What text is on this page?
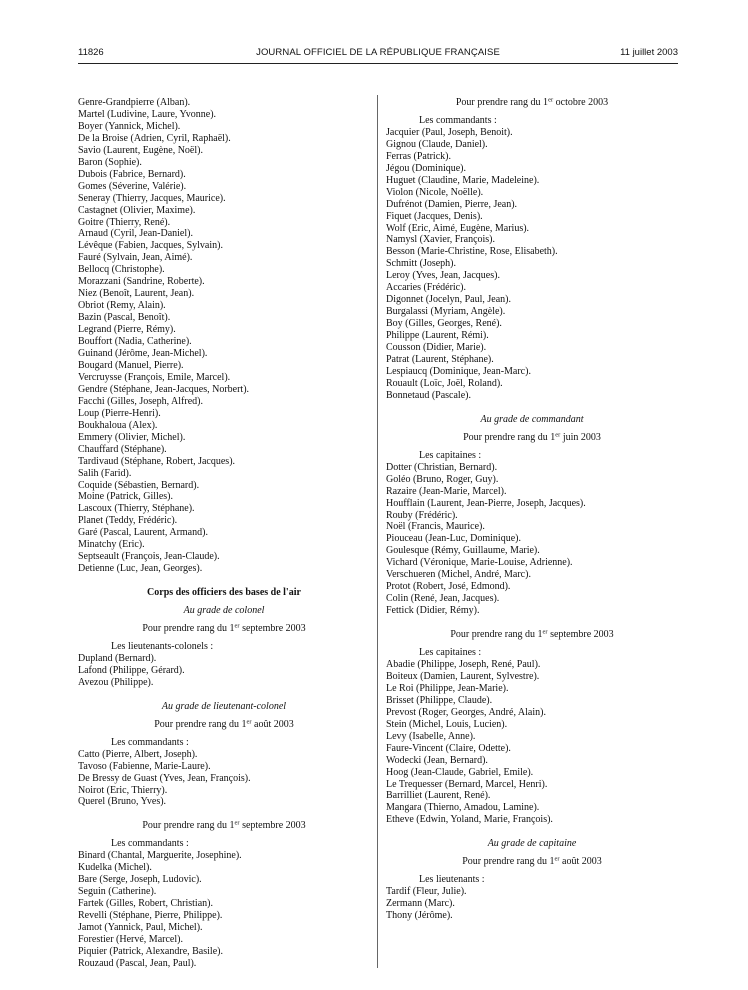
11826	JOURNAL OFFICIEL DE LA RÉPUBLIQUE FRANÇAISE	11 juillet 2003
Genre-Grandpierre (Alban).
Martel (Ludivine, Laure, Yvonne).
Boyer (Yannick, Michel).
De la Broise (Adrien, Cyril, Raphaël).
Savio (Laurent, Eugène, Noël).
Baron (Sophie).
Dubois (Fabrice, Bernard).
Gomes (Séverine, Valérie).
Seneray (Thierry, Jacques, Maurice).
Castagnet (Olivier, Maxime).
Goitre (Thierry, René).
Arnaud (Cyril, Jean-Daniel).
Lévêque (Fabien, Jacques, Sylvain).
Fauré (Sylvain, Jean, Aimé).
Bellocq (Christophe).
Morazzani (Sandrine, Roberte).
Niez (Benoît, Laurent, Jean).
Obriot (Remy, Alain).
Bazin (Pascal, Benoît).
Legrand (Pierre, Rémy).
Bouffort (Nadia, Catherine).
Guinand (Jérôme, Jean-Michel).
Bougard (Manuel, Pierre).
Vercruysse (François, Emile, Marcel).
Gendre (Stéphane, Jean-Jacques, Norbert).
Facchi (Gilles, Joseph, Alfred).
Loup (Pierre-Henri).
Boukhaloua (Alex).
Emmery (Olivier, Michel).
Chauffard (Stéphane).
Tardivaud (Stéphane, Robert, Jacques).
Salih (Farid).
Coquide (Sébastien, Bernard).
Moine (Patrick, Gilles).
Lascoux (Thierry, Stéphane).
Planet (Teddy, Frédéric).
Garé (Pascal, Laurent, Armand).
Minatchy (Eric).
Septseault (François, Jean-Claude).
Detienne (Luc, Jean, Georges).
Corps des officiers des bases de l'air
Au grade de colonel
Pour prendre rang du 1er septembre 2003
Les lieutenants-colonels :
Dupland (Bernard).
Lafond (Philippe, Gérard).
Avezou (Philippe).
Au grade de lieutenant-colonel
Pour prendre rang du 1er août 2003
Les commandants :
Catto (Pierre, Albert, Joseph).
Tavoso (Fabienne, Marie-Laure).
De Bressy de Guast (Yves, Jean, François).
Noirot (Eric, Thierry).
Querel (Bruno, Yves).
Pour prendre rang du 1er septembre 2003
Les commandants :
Binard (Chantal, Marguerite, Josephine).
Kudelka (Michel).
Bare (Serge, Joseph, Ludovic).
Seguin (Catherine).
Fartek (Gilles, Robert, Christian).
Revelli (Stéphane, Pierre, Philippe).
Jamot (Yannick, Paul, Michel).
Forestier (Hervé, Marcel).
Piquier (Patrick, Alexandre, Basile).
Rouzaud (Pascal, Jean, Paul).
Pour prendre rang du 1er octobre 2003
Les commandants :
Jacquier (Paul, Joseph, Benoit).
Gignou (Claude, Daniel).
Ferras (Patrick).
Jégou (Dominique).
Huguet (Claudine, Marie, Madeleine).
Violon (Nicole, Noëlle).
Dufrénot (Damien, Pierre, Jean).
Fiquet (Jacques, Denis).
Wolf (Eric, Aimé, Eugène, Marius).
Namysl (Xavier, François).
Besson (Marie-Christine, Rose, Elisabeth).
Schmitt (Joseph).
Leroy (Yves, Jean, Jacques).
Accaries (Frédéric).
Digonnet (Jocelyn, Paul, Jean).
Burgalassi (Myriam, Angèle).
Boy (Gilles, Georges, René).
Philippe (Laurent, Rémi).
Cousson (Didier, Marie).
Patrat (Laurent, Stéphane).
Lespiaucq (Dominique, Jean-Marc).
Rouault (Loïc, Joël, Roland).
Bonnetaud (Pascale).
Au grade de commandant
Pour prendre rang du 1er juin 2003
Les capitaines :
Dotter (Christian, Bernard).
Goléo (Bruno, Roger, Guy).
Razaire (Jean-Marie, Marcel).
Houfflain (Laurent, Jean-Pierre, Joseph, Jacques).
Rouby (Frédéric).
Noël (Francis, Maurice).
Piouceau (Jean-Luc, Dominique).
Goulesque (Rémy, Guillaume, Marie).
Vichard (Véronique, Marie-Louise, Adrienne).
Verschueren (Michel, André, Marc).
Protot (Robert, José, Edmond).
Colin (René, Jean, Jacques).
Fettick (Didier, Rémy).
Pour prendre rang du 1er septembre 2003
Les capitaines :
Abadie (Philippe, Joseph, René, Paul).
Boiteux (Damien, Laurent, Sylvestre).
Le Roi (Philippe, Jean-Marie).
Brisset (Philippe, Claude).
Prevost (Roger, Georges, André, Alain).
Stein (Michel, Louis, Lucien).
Levy (Isabelle, Anne).
Faure-Vincent (Claire, Odette).
Wodecki (Jean, Bernard).
Hoog (Jean-Claude, Gabriel, Emile).
Le Trequesser (Bernard, Marcel, Henri).
Barrilliet (Laurent, René).
Mangara (Thierno, Amadou, Lamine).
Etheve (Edwin, Yoland, Marie, François).
Au grade de capitaine
Pour prendre rang du 1er août 2003
Les lieutenants :
Tardif (Fleur, Julie).
Zermann (Marc).
Thony (Jérôme).
